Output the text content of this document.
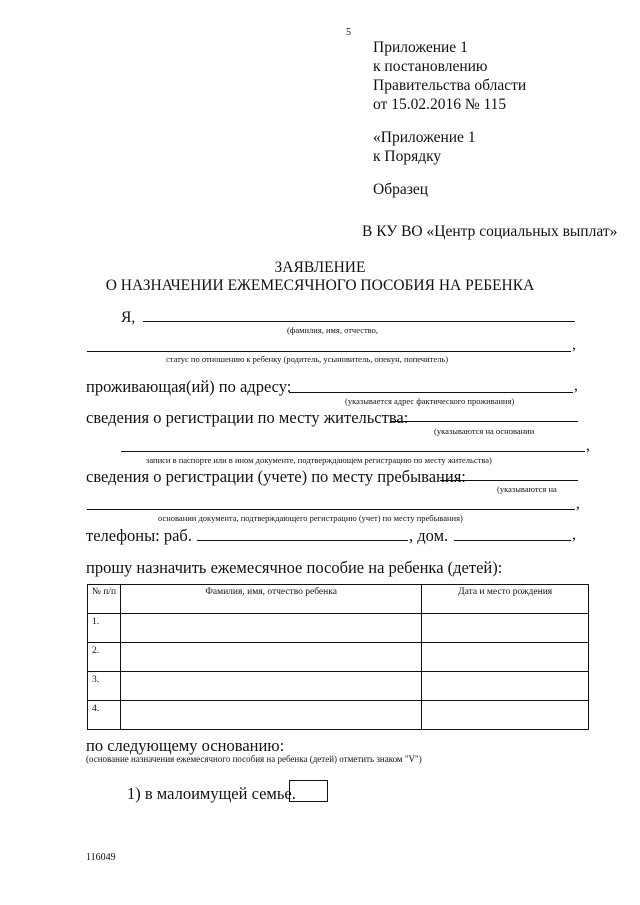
5
Приложение 1
к постановлению
Правительства области
от 15.02.2016 № 115
«Приложение 1
к Порядку
Образец
В КУ ВО «Центр социальных выплат»
ЗАЯВЛЕНИЕ
О НАЗНАЧЕНИИ ЕЖЕМЕСЯЧНОГО ПОСОБИЯ НА РЕБЕНКА
Я,
(фамилия, имя, отчество,
,
статус по отношению к ребенку (родитель, усыновитель, опекун, попечитель)
проживающая(ий) по адресу:	,
(указывается адрес фактического проживания)
сведения о регистрации по месту жительства:
(указываются на основании
,
записи в паспорте или в ином документе, подтверждающем регистрацию по месту жительства)
сведения о регистрации (учете) по месту пребывания:
(указываются на
,
основании документа, подтверждающего регистрацию (учет) по месту пребывания)
телефоны: раб.	, дом.	,
прошу назначить ежемесячное пособие на ребенка (детей):
№ п/п	Фамилия, имя, отчество ребенка	Дата и место рождения
1.		
2.		
3.		
4.		
по следующему основанию:
(основание назначения ежемесячного пособия на ребенка (детей) отметить знаком "V")
1) в малоимущей семье.
116049
